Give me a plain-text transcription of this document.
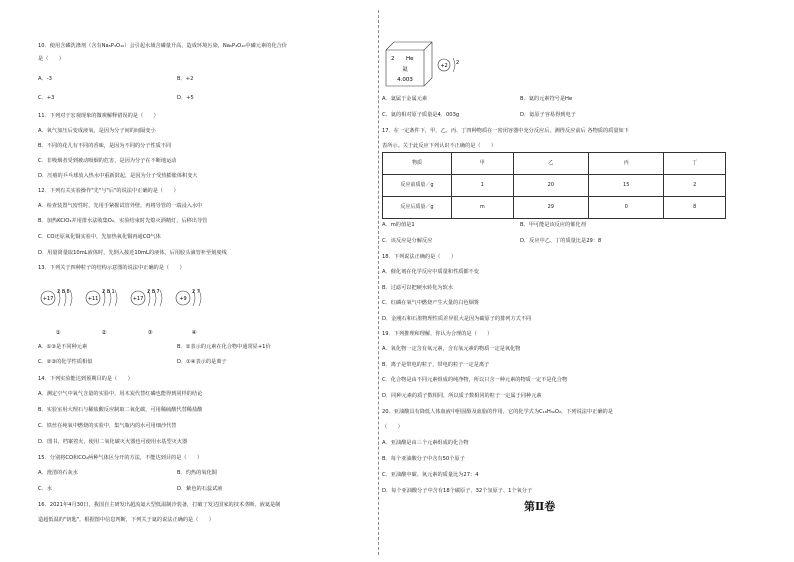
10．使用含磷洗涤剂（含有Na₅P₃O₁₀）会引起水域含磷量升高，造成环境污染，Na₅P₃O₁₀中磷元素的化合价
是（　　）
A．-3	B．+2
C．+3	D．+5
11．下列对于宏观现象的微观解释错误的是（　　）
A．氧气加压后变成液氧，是因为分子间的间隔变小
B．不同的花儿有不同的香味，是因为不同的分子性质不同
C．非吸烟者受到被动吸烟的危害，是因为分子在不断地运动
D．压瘪的乒乓球放入热水中重新鼓起，是因为分子受热膨胀体积变大
12．下列有关实验操作"先"与"后"的说法中正确的是（　　）
A．检查装置气密性时，先用手紧握试管外壁，再将导管的一端浸入水中
B．加热KClO₃并用排水法收集O₂，实验结束时先熄灭酒精灯，后移出导管
C．CO还原氧化铜实验中，先加热氧化铜再通CO气体
D．用量筒量取10mL液体时，先倒入接近10mL的液体，后用胶头滴管补至刻度线
13．下列关于四种粒子的结构示意图的说法中正确的是（　　）
+17
2 8 8
①
+11
2 8 1
②
+17
2 8 7
③
+9
2 7
④
A．①③是不同种元素	B．②表示的元素在化合物中通常显+1价
C．②③的化学性质相似	D．①④表示的是离子
14．下列实验能达到预期目的是（　　）
A．测定空气中氧气含量的实验中，用木炭代替红磷也能得到同样的结论
B．实验室用大理石与稀盐酸反应制取二氧化碳，可用稀硫酸代替稀盐酸
C．铁丝在纯氧中燃烧的实验中，集气瓶内的水可用细沙代替
D．图书、档案着火，使用二氧化碳灭火器也可使用水基型灭火器
15．分别将CO和CO₂两种气体区分开的方法，不能达到目的是（　　）
A．澄清的石灰水	B．灼热的氧化铜
C．水	D．紫色的石蕊试液
16．2021年4月30日，我国自主研发出超流氦大型低温制冷装备，打破了发达国家的技术垄断，液氦是制
造超低温的"钥匙"。根据图中信息判断，下列关于氦的说法正确的是（　　）
2 He
氦
4.003
+2 2
A．氦属于金属元素	B．氦的元素符号是He
C．氦的相对原子质量是4．003g	D．氦原子容易得到电子
17．在一定条件下，甲、乙、丙、丁四种物质在一密闭容器中充分反应后，测得反应前后 各物质的质量如下
表所示。关于此反应下列认识不正确的是（　　）
物质	甲	乙	丙	丁
反应前质量／g	1	20	15	2
反应后质量／g	m	29	0	8
A．m的值是1	B．甲可能是该反应的催化剂
C．该反应是分解反应	D．反应中乙、丁的质量比是29：8
18．下列说法正确的是（　　）
A．催化剂在化学反应中质量和性质都不变
B．过滤可以把硬水转化为软水
C．红磷在氧气中燃烧产生大量的白色烟雾
D．金刚石和石墨物理性质差异很大是因为碳原子的排列方式不同
19．下列推理和理解，你认为合理的是（　　）
A．氧化物一定含有氧元素，含有氧元素的物质一定是氧化物
B．离子是带电的粒子，带电的粒子一定是离子
C．化合物是由不同元素组成的纯净物，所以只含一种元素的物质一定不是化合物
D．同种元素的质子数相同，所以质子数相同的粒子一定属于同种元素
20．亚油酸具有降低人体血液中胆固醇及血脂的作用，它的化学式为C₁₈H₃₂O₂，下列说法中正确的是
（　　）
A．亚油酸是由三个元素组成的化合物
B．每个亚油酸分子中含有50个原子
C．亚油酸中碳、氧元素的质量比为27：4
D．每个亚油酸分子中含有18个碳原子、32个氢原子、1个氧分子
第Ⅱ卷
